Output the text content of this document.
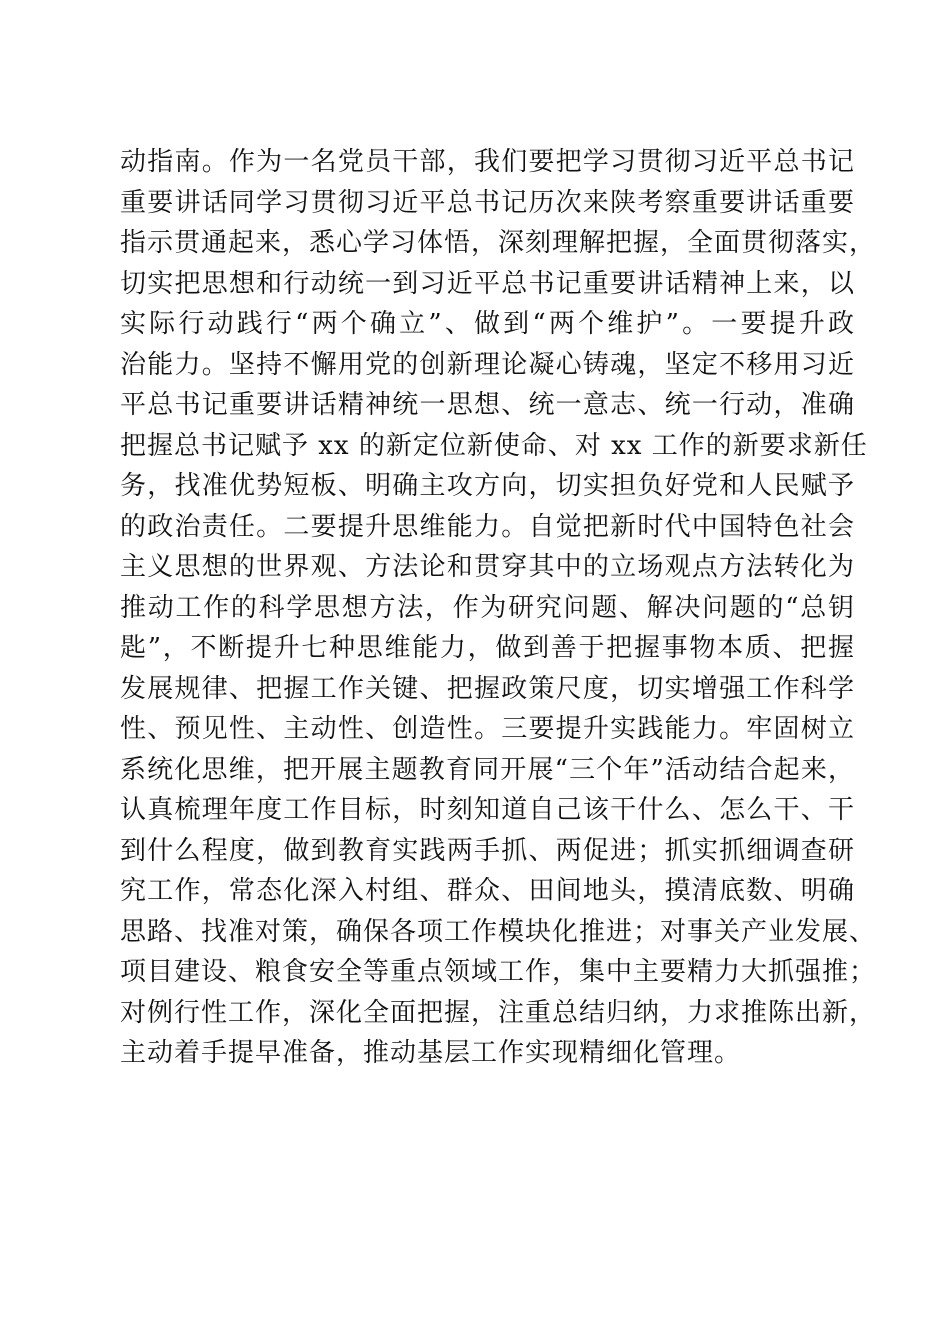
动指南。作为一名党员干部，我们要把学习贯彻习近平总书记
重要讲话同学习贯彻习近平总书记历次来陕考察重要讲话重要
指示贯通起来，悉心学习体悟，深刻理解把握，全面贯彻落实，
切实把思想和行动统一到习近平总书记重要讲话精神上来，以
实际行动践行“两个确立”、做到“两个维护”。一要提升政
治能力。坚持不懈用党的创新理论凝心铸魂，坚定不移用习近
平总书记重要讲话精神统一思想、统一意志、统一行动，准确
把握总书记赋予 xx 的新定位新使命、对 xx 工作的新要求新任
务，找准优势短板、明确主攻方向，切实担负好党和人民赋予
的政治责任。二要提升思维能力。自觉把新时代中国特色社会
主义思想的世界观、方法论和贯穿其中的立场观点方法转化为
推动工作的科学思想方法，作为研究问题、解决问题的“总钥
匙”，不断提升七种思维能力，做到善于把握事物本质、把握
发展规律、把握工作关键、把握政策尺度，切实增强工作科学
性、预见性、主动性、创造性。三要提升实践能力。牢固树立
系统化思维，把开展主题教育同开展“三个年”活动结合起来，
认真梳理年度工作目标，时刻知道自己该干什么、怎么干、干
到什么程度，做到教育实践两手抓、两促进；抓实抓细调查研
究工作，常态化深入村组、群众、田间地头，摸清底数、明确
思路、找准对策，确保各项工作模块化推进；对事关产业发展、
项目建设、粮食安全等重点领域工作，集中主要精力大抓强推；
对例行性工作，深化全面把握，注重总结归纳，力求推陈出新，
主动着手提早准备，推动基层工作实现精细化管理。
